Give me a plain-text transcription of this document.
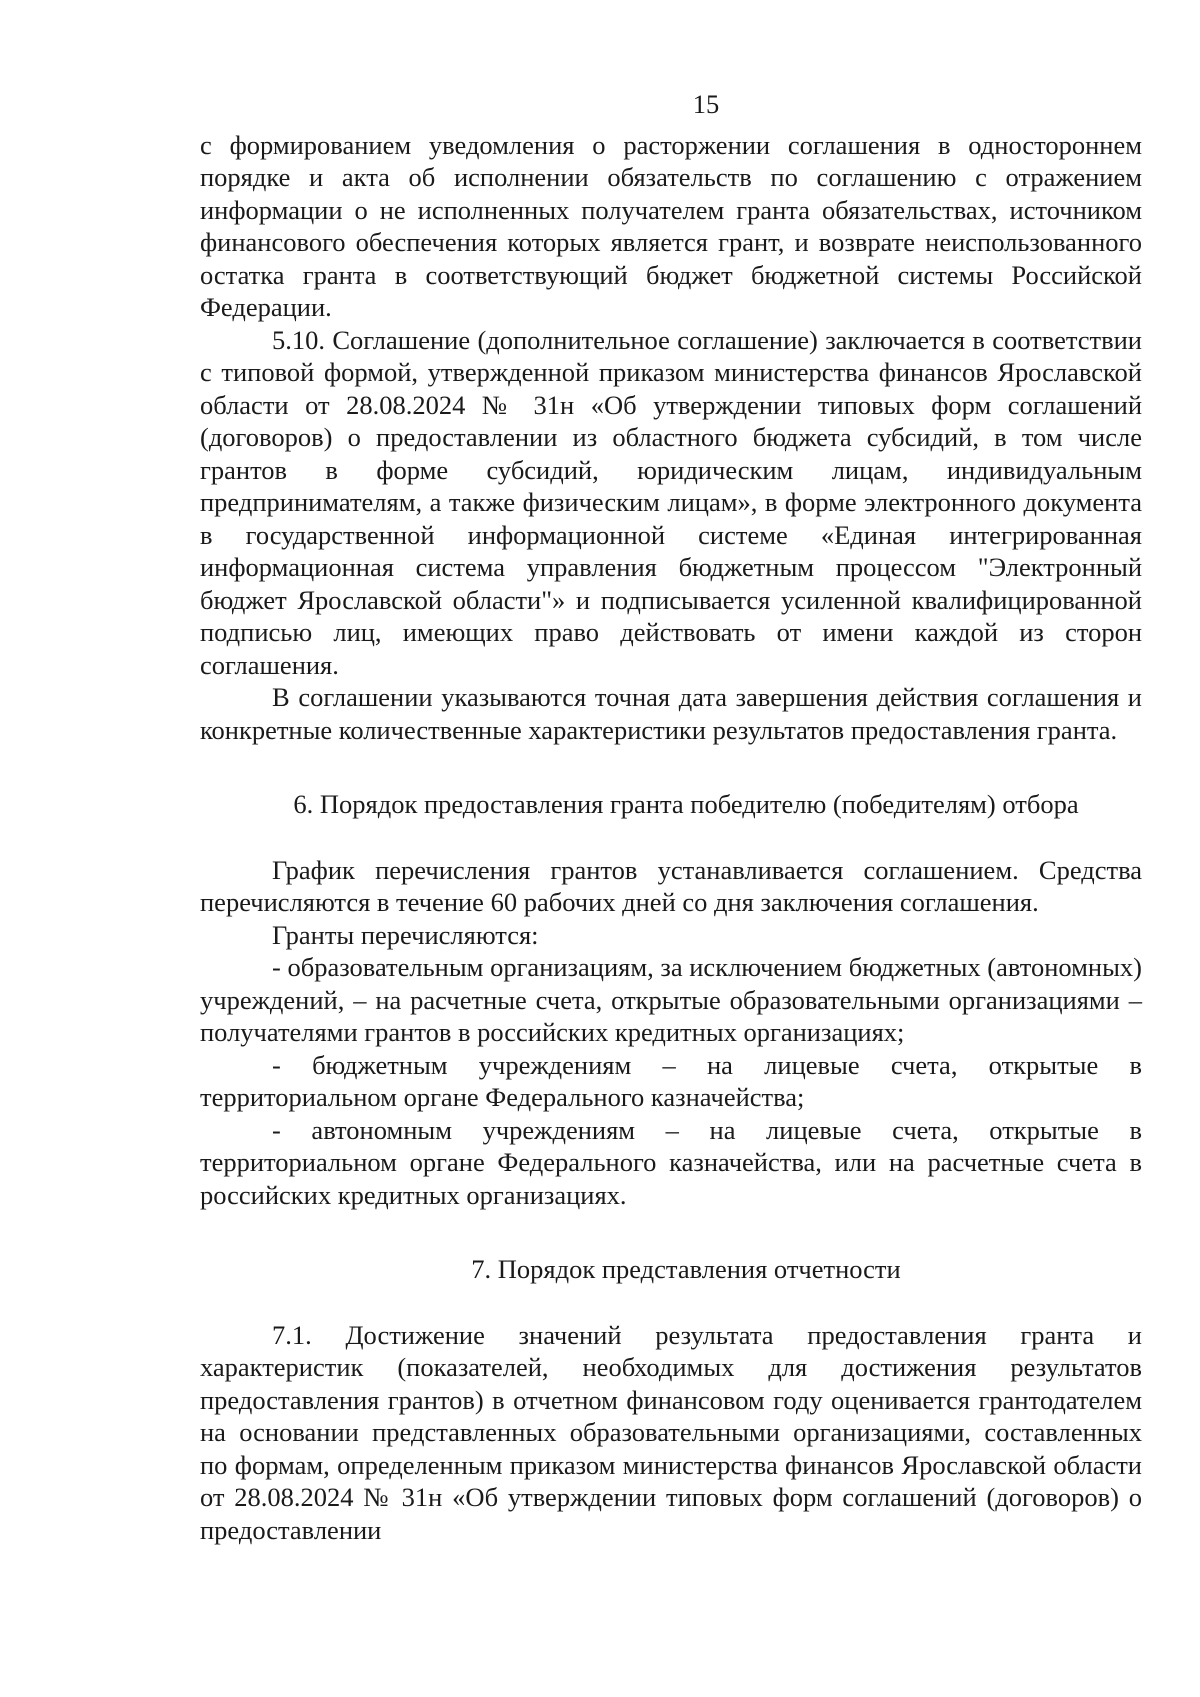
15

с формированием уведомления о расторжении соглашения в одностороннем порядке и акта об исполнении обязательств по соглашению с отражением информации о не исполненных получателем гранта обязательствах, источником финансового обеспечения которых является грант, и возврате неиспользованного остатка гранта в соответствующий бюджет бюджетной системы Российской Федерации.

5.10. Соглашение (дополнительное соглашение) заключается в соответствии с типовой формой, утвержденной приказом министерства финансов Ярославской области от 28.08.2024 № 31н «Об утверждении типовых форм соглашений (договоров) о предоставлении из областного бюджета субсидий, в том числе грантов в форме субсидий, юридическим лицам, индивидуальным предпринимателям, а также физическим лицам», в форме электронного документа в государственной информационной системе «Единая интегрированная информационная система управления бюджетным процессом "Электронный бюджет Ярославской области"» и подписывается усиленной квалифицированной подписью лиц, имеющих право действовать от имени каждой из сторон соглашения.

В соглашении указываются точная дата завершения действия соглашения и конкретные количественные характеристики результатов предоставления гранта.

6. Порядок предоставления гранта победителю (победителям) отбора

График перечисления грантов устанавливается соглашением. Средства перечисляются в течение 60 рабочих дней со дня заключения соглашения.

Гранты перечисляются:

- образовательным организациям, за исключением бюджетных (автономных) учреждений, – на расчетные счета, открытые образовательными организациями – получателями грантов в российских кредитных организациях;

- бюджетным учреждениям – на лицевые счета, открытые в территориальном органе Федерального казначейства;

- автономным учреждениям – на лицевые счета, открытые в территориальном органе Федерального казначейства, или на расчетные счета в российских кредитных организациях.

7. Порядок представления отчетности

7.1. Достижение значений результата предоставления гранта и характеристик (показателей, необходимых для достижения результатов предоставления грантов) в отчетном финансовом году оценивается грантодателем на основании представленных образовательными организациями, составленных по формам, определенным приказом министерства финансов Ярославской области от 28.08.2024 № 31н «Об утверждении типовых форм соглашений (договоров) о предоставлении
